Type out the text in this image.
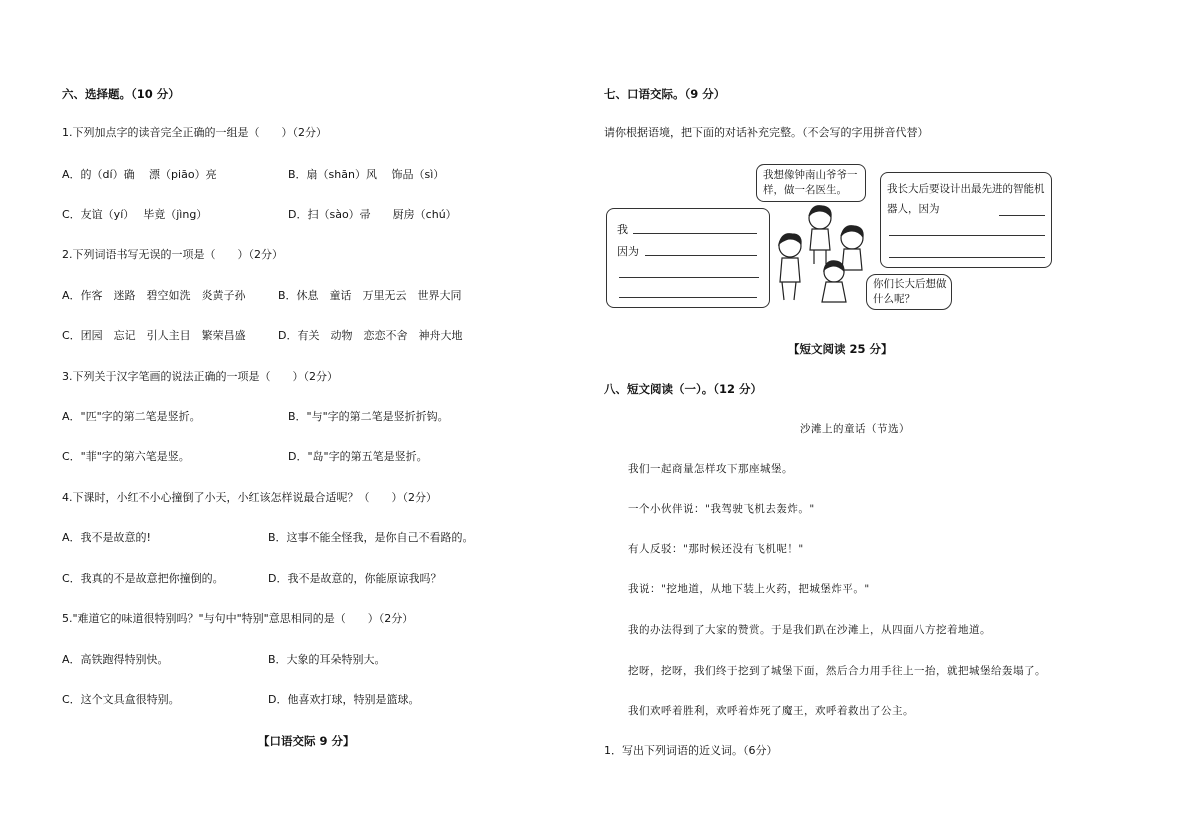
六、选择题。（10 分）
1.下列加点字的读音完全正确的一组是（　　）（2分）
A．的（dí）确　 漂（piāo）亮	B．扇（shān）风　 饰品（sì）
C．友谊（yí）　 毕竟（jìng）	D．扫（sào）帚　　厨房（chú）
2.下列词语书写无误的一项是（　　）（2分）
A．作客　迷路　碧空如洗　炎黄子孙	B．休息　童话　万里无云　世界大同
C．团园　忘记　引人主目　繁荣昌盛	D．有关　动物　恋恋不舍　神舟大地
3.下列关于汉字笔画的说法正确的一项是（　　）（2分）
A．"匹"字的第二笔是竖折。	B．"与"字的第二笔是竖折折钩。
C．"菲"字的第六笔是竖。	D．"岛"字的第五笔是竖折。
4.下课时，小红不小心撞倒了小天，小红该怎样说最合适呢？（　　）（2分）
A．我不是故意的!	B．这事不能全怪我，是你自己不看路的。
C．我真的不是故意把你撞倒的。	D．我不是故意的，你能原谅我吗？
5."难道它的味道很特别吗？"与句中"特别"意思相同的是（　　）（2分）
A．高铁跑得特别快。	B．大象的耳朵特别大。
C．这个文具盒很特别。	D．他喜欢打球，特别是篮球。
【口语交际 9 分】
七、口语交际。（9 分）
请你根据语境，把下面的对话补充完整。（不会写的字用拼音代替）
我
因为
我想像钟南山爷爷一样，做一名医生。	我长大后要设计出最先进的智能机器人，因为
你们长大后想做什么呢？
【短文阅读 25 分】
八、短文阅读（一）。（12 分）
沙滩上的童话（节选）
我们一起商量怎样攻下那座城堡。
一个小伙伴说："我驾驶飞机去轰炸。"
有人反驳："那时候还没有飞机呢！"
我说："挖地道，从地下装上火药，把城堡炸平。"
我的办法得到了大家的赞赏。于是我们趴在沙滩上，从四面八方挖着地道。
挖呀，挖呀，我们终于挖到了城堡下面，然后合力用手往上一抬，就把城堡给轰塌了。
我们欢呼着胜利，欢呼着炸死了魔王，欢呼着救出了公主。
1．写出下列词语的近义词。（6分）
